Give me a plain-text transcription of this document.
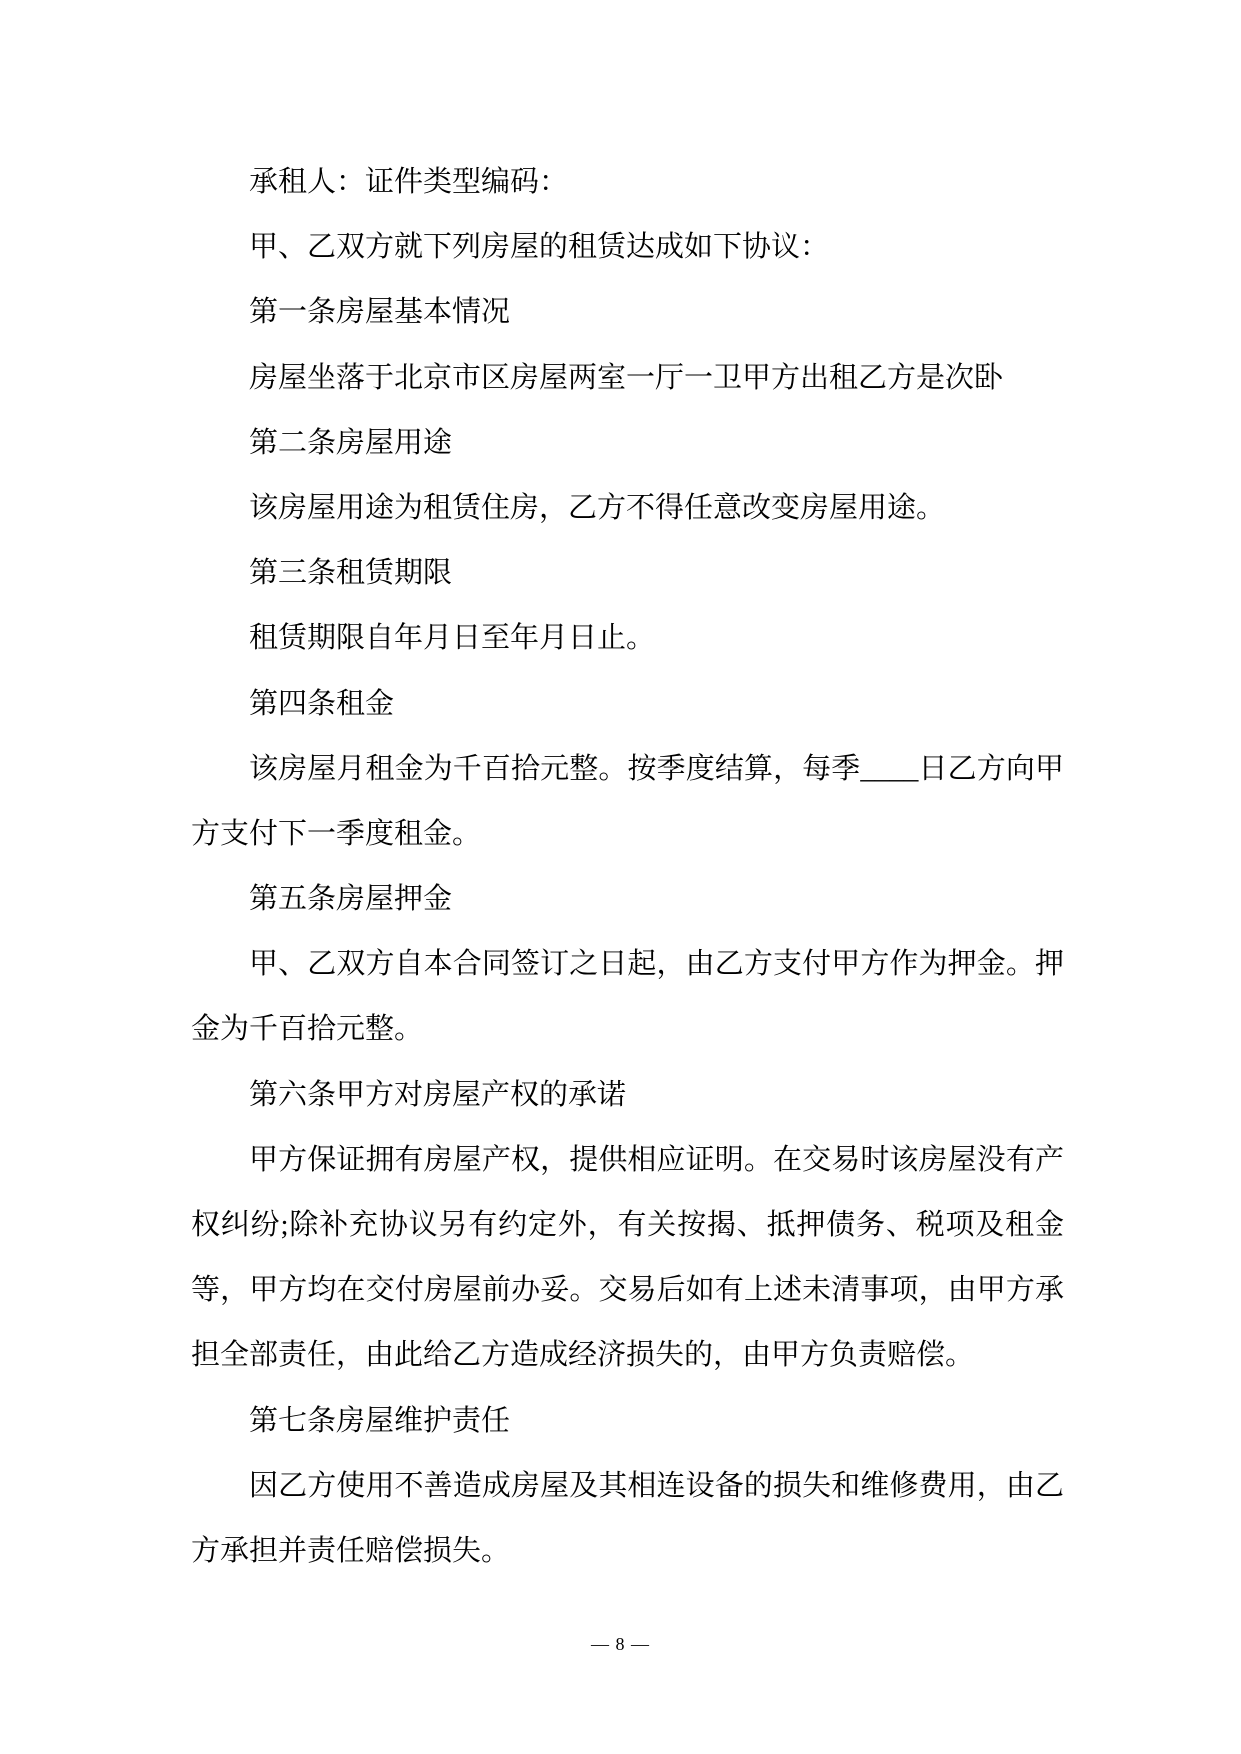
承租人：证件类型编码：
甲、乙双方就下列房屋的租赁达成如下协议：
第一条房屋基本情况
房屋坐落于北京市区房屋两室一厅一卫甲方出租乙方是次卧
第二条房屋用途
该房屋用途为租赁住房，乙方不得任意改变房屋用途。
第三条租赁期限
租赁期限自年月日至年月日止。
第四条租金
该房屋月租金为千百拾元整。按季度结算，每季____日乙方向甲
方支付下一季度租金。
第五条房屋押金
甲、乙双方自本合同签订之日起，由乙方支付甲方作为押金。押
金为千百拾元整。
第六条甲方对房屋产权的承诺
甲方保证拥有房屋产权，提供相应证明。在交易时该房屋没有产
权纠纷;除补充协议另有约定外，有关按揭、抵押债务、税项及租金
等，甲方均在交付房屋前办妥。交易后如有上述未清事项，由甲方承
担全部责任，由此给乙方造成经济损失的，由甲方负责赔偿。
第七条房屋维护责任
因乙方使用不善造成房屋及其相连设备的损失和维修费用，由乙
方承担并责任赔偿损失。
— 8 —
